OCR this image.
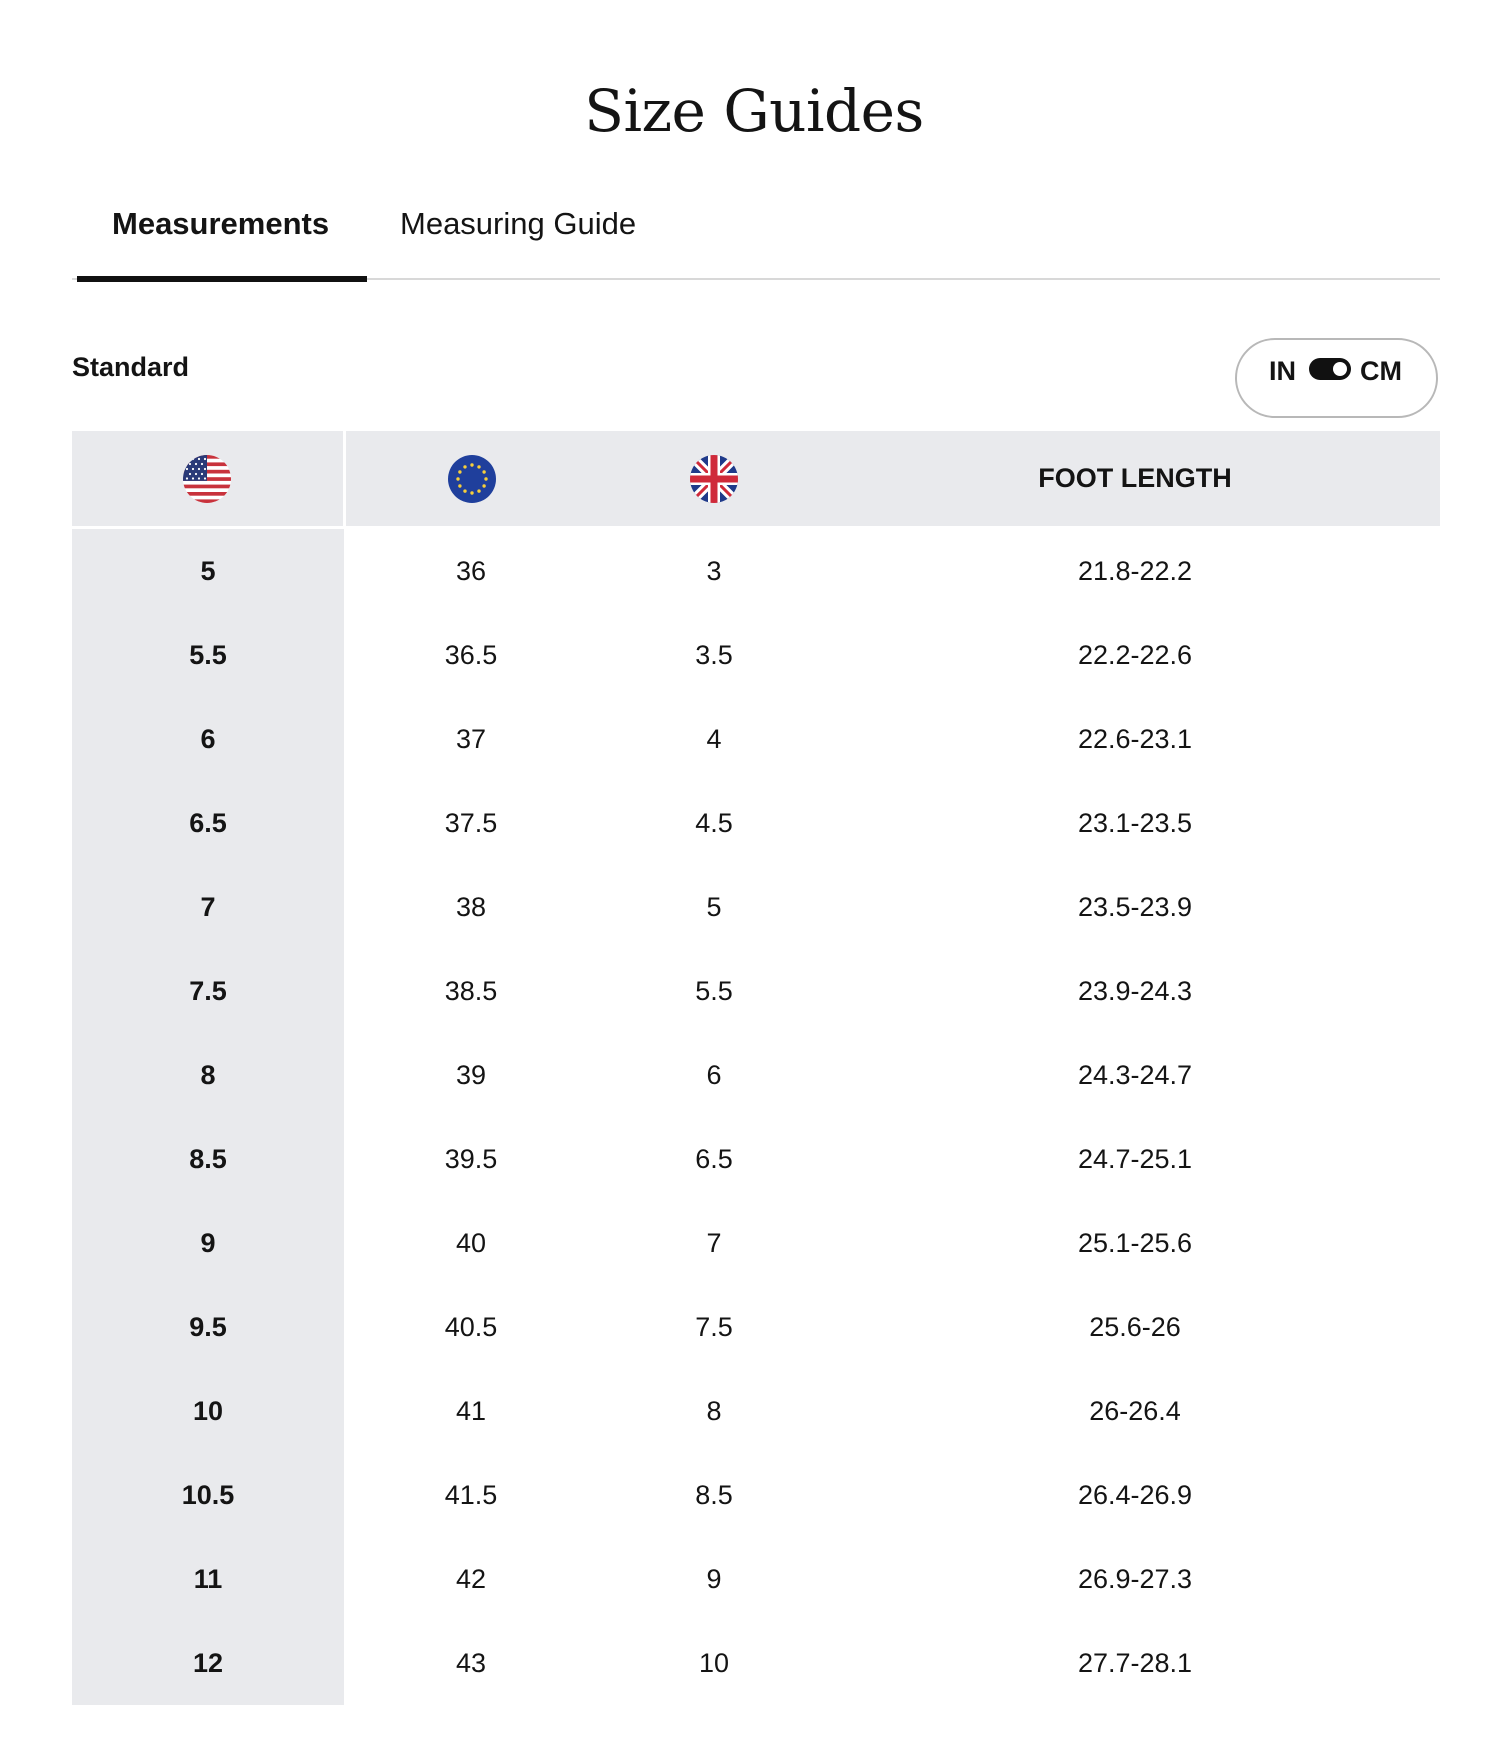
Size Guides
Measurements Measuring Guide
Standard	IN CM
			FOOT LENGTH
5	36	3	21.8-22.2
5.5	36.5	3.5	22.2-22.6
6	37	4	22.6-23.1
6.5	37.5	4.5	23.1-23.5
7	38	5	23.5-23.9
7.5	38.5	5.5	23.9-24.3
8	39	6	24.3-24.7
8.5	39.5	6.5	24.7-25.1
9	40	7	25.1-25.6
9.5	40.5	7.5	25.6-26
10	41	8	26-26.4
10.5	41.5	8.5	26.4-26.9
11	42	9	26.9-27.3
12	43	10	27.7-28.1
